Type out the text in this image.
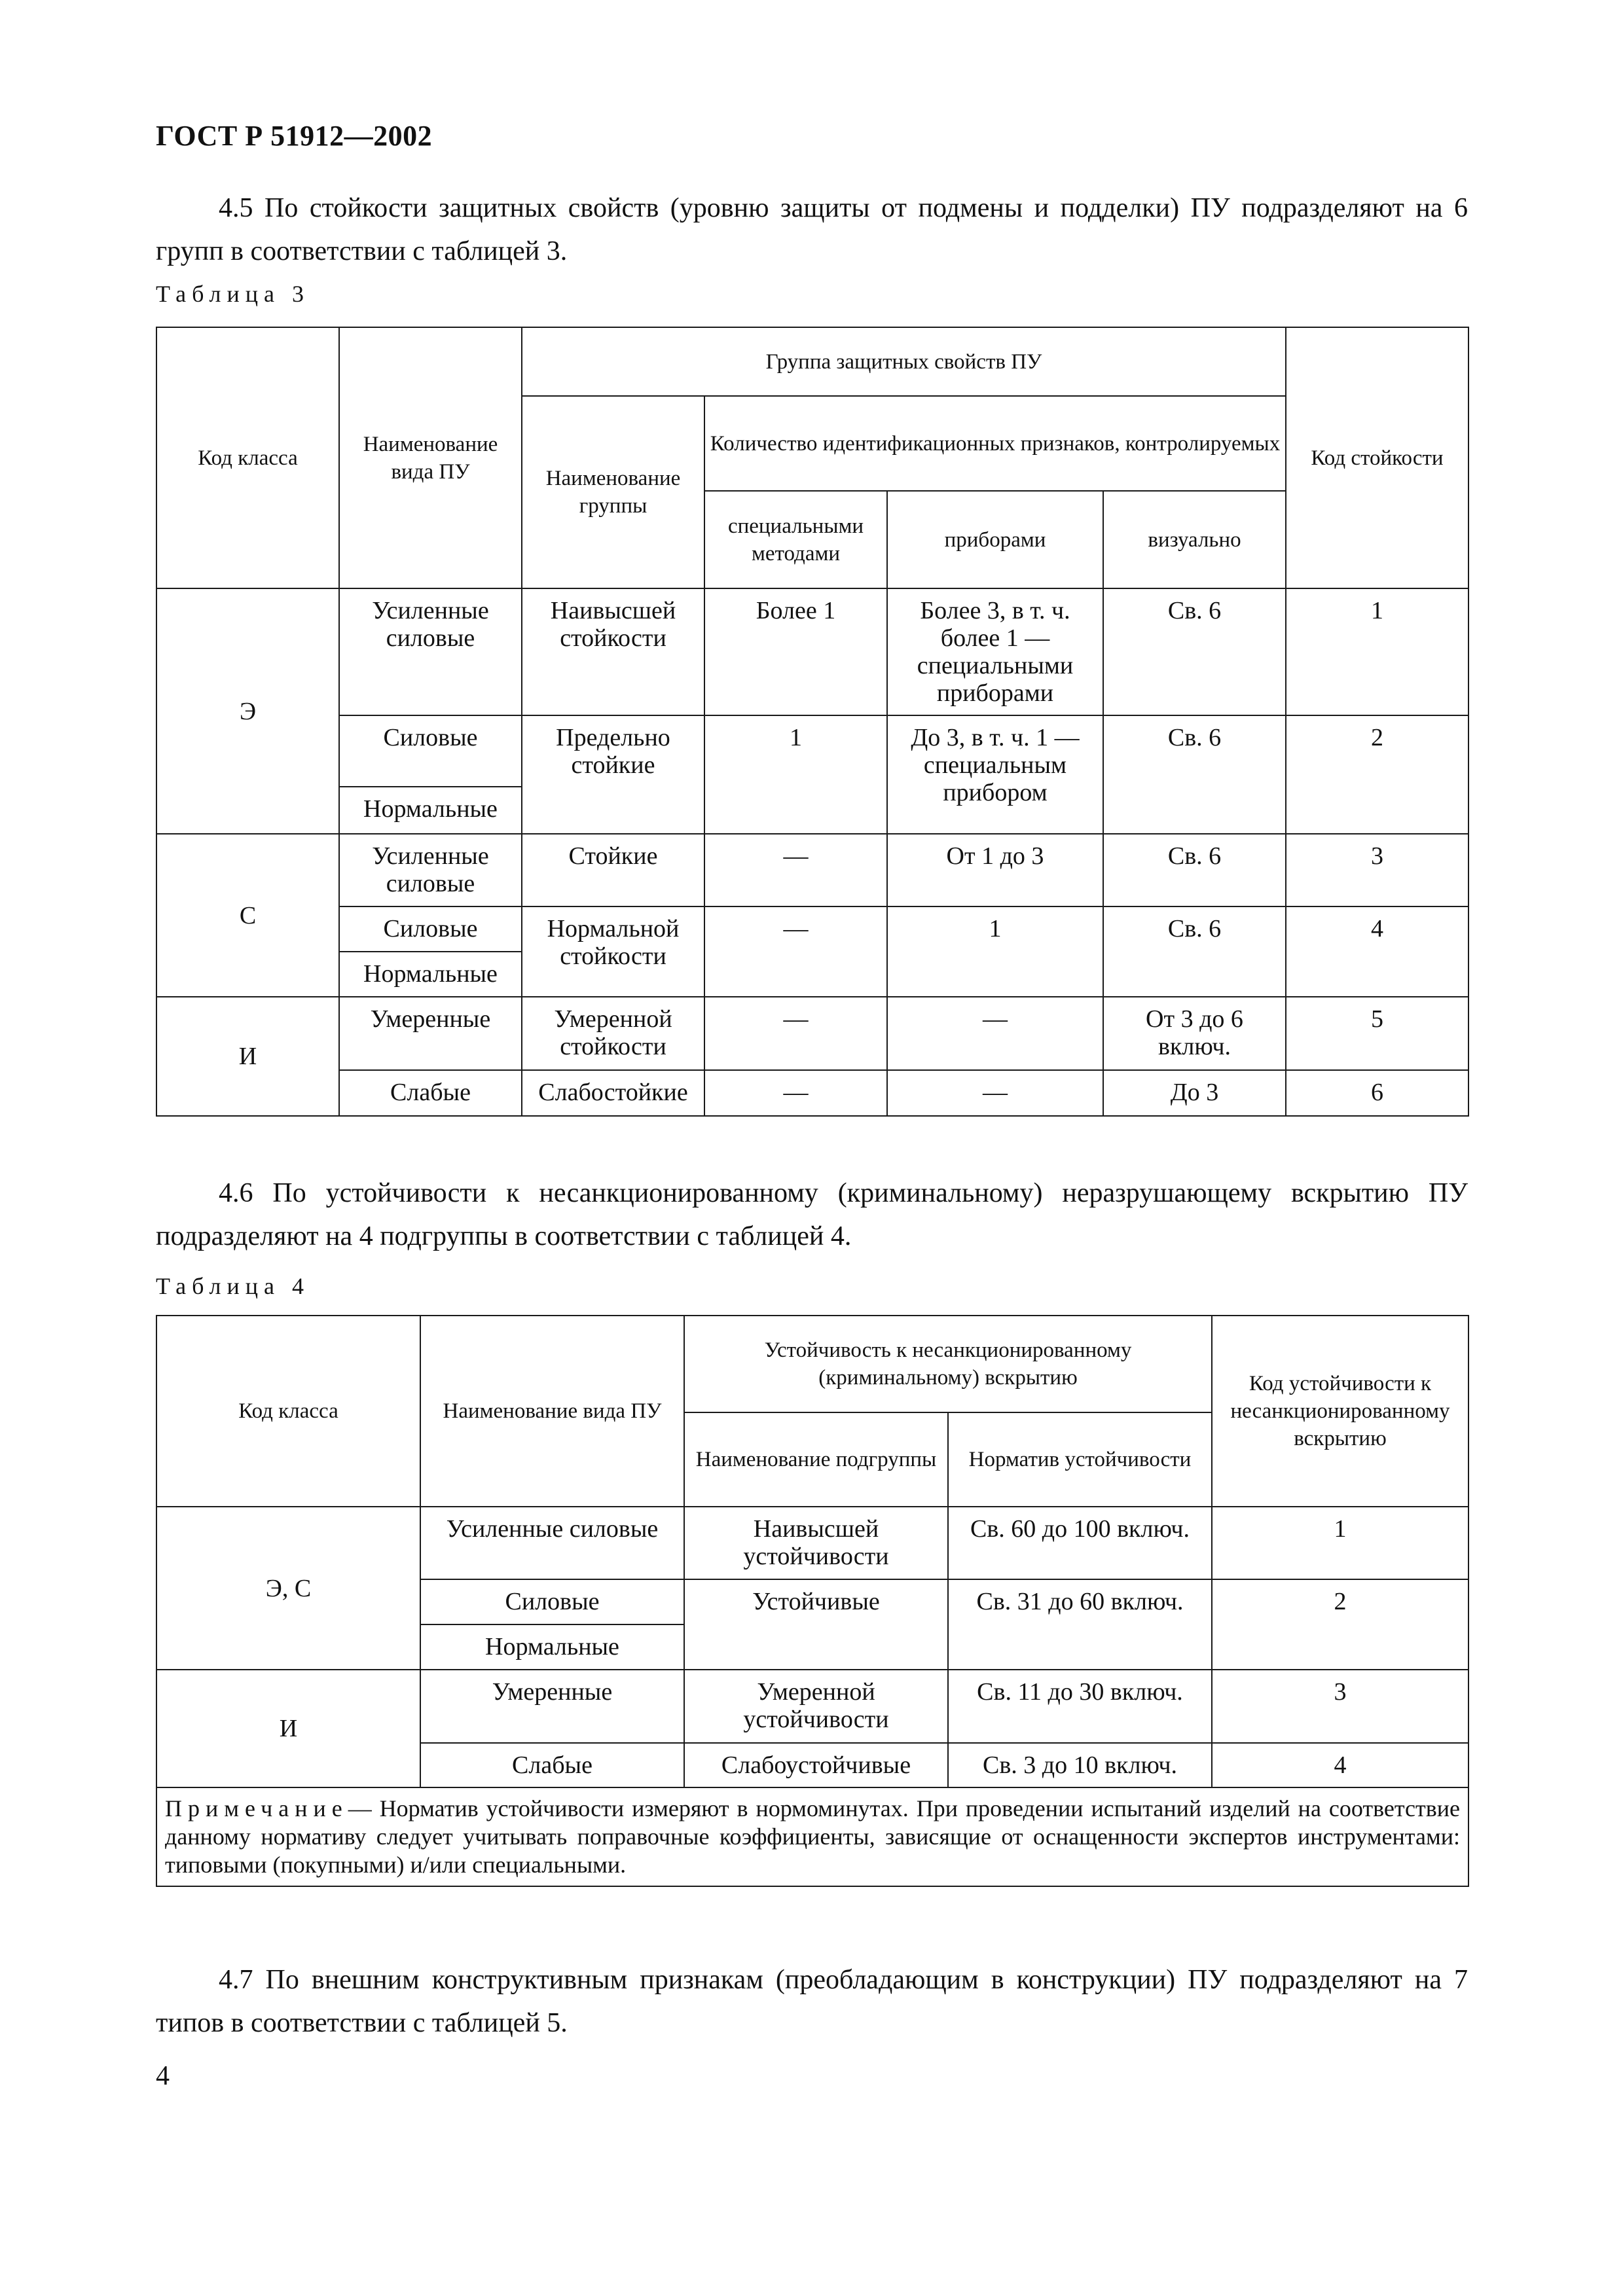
ГОСТ Р 51912—2002

4.5 По стойкости защитных свойств (уровню защиты от подмены и подделки) ПУ подразделяют на 6 групп в соответствии с таблицей 3.

Таблица 3

Код класса	Наименование вида ПУ	Группа защитных свойств ПУ				Код стойкости
		Наименование группы	Количество идентификационных признаков, контролируемых			
			специальными методами	приборами	визуально	
Э	Усиленные силовые	Наивысшей стойкости	Более 1	Более 3, в т. ч. более 1 — специальными приборами	Св. 6	1
	Силовые	Предельно стойкие	1	До 3, в т. ч. 1 — специальным прибором	Св. 6	2
	Нормальные					
С	Усиленные силовые	Стойкие	—	От 1 до 3	Св. 6	3
	Силовые	Нормальной стойкости	—	1	Св. 6	4
	Нормальные					
И	Умеренные	Умеренной стойкости	—	—	От 3 до 6 включ.	5
	Слабые	Слабостойкие	—	—	До 3	6

4.6 По устойчивости к несанкционированному (криминальному) неразрушающему вскрытию ПУ подразделяют на 4 подгруппы в соответствии с таблицей 4.

Таблица 4

Код класса	Наименование вида ПУ	Устойчивость к несанкционированному (криминальному) вскрытию		Код устойчивости к несанкционированному вскрытию
		Наименование подгруппы	Норматив устойчивости	
Э, С	Усиленные силовые	Наивысшей устойчивости	Св. 60 до 100 включ.	1
	Силовые	Устойчивые	Св. 31 до 60 включ.	2
	Нормальные			
И	Умеренные	Умеренной устойчивости	Св. 11 до 30 включ.	3
	Слабые	Слабоустойчивые	Св. 3 до 10 включ.	4
Примечание— Норматив устойчивости измеряют в нормоминутах. При проведении испытаний изделий на соответствие данному нормативу следует учитывать поправочные коэффициенты, зависящие от оснащенности экспертов инструментами: типовыми (покупными) и/или специальными.				

4.7 По внешним конструктивным признакам (преобладающим в конструкции) ПУ подразделяют на 7 типов в соответствии с таблицей 5.

4
